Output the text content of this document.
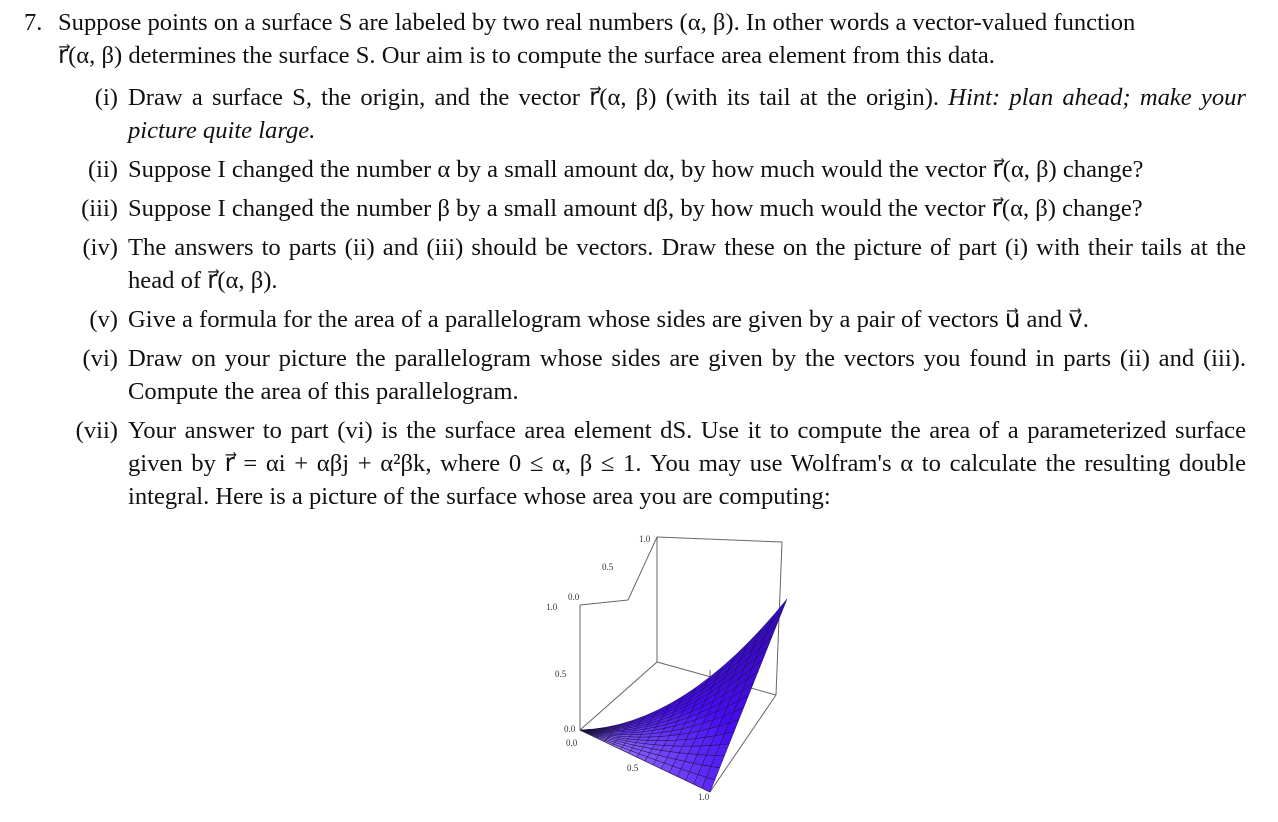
7. Suppose points on a surface S are labeled by two real numbers (α, β). In other words a vector-valued function
r⃗(α, β) determines the surface S. Our aim is to compute the surface area element from this data.
(i) Draw a surface S, the origin, and the vector r⃗(α, β) (with its tail at the origin). Hint: plan ahead; make your picture quite large.
(ii) Suppose I changed the number α by a small amount dα, by how much would the vector r⃗(α, β) change?
(iii) Suppose I changed the number β by a small amount dβ, by how much would the vector r⃗(α, β) change?
(iv) The answers to parts (ii) and (iii) should be vectors. Draw these on the picture of part (i) with their tails at the head of r⃗(α, β).
(v) Give a formula for the area of a parallelogram whose sides are given by a pair of vectors u⃗ and v⃗.
(vi) Draw on your picture the parallelogram whose sides are given by the vectors you found in parts (ii) and (iii). Compute the area of this parallelogram.
(vii) Your answer to part (vi) is the surface area element dS. Use it to compute the area of a parameterized surface given by r⃗ = αi + αβj + α²βk, where 0 ≤ α, β ≤ 1. You may use Wolfram's α to calculate the resulting double integral. Here is a picture of the surface whose area you are computing:
1.0
0.5
0.0
1.0
0.5
0.0
0.0
0.5
1.0
